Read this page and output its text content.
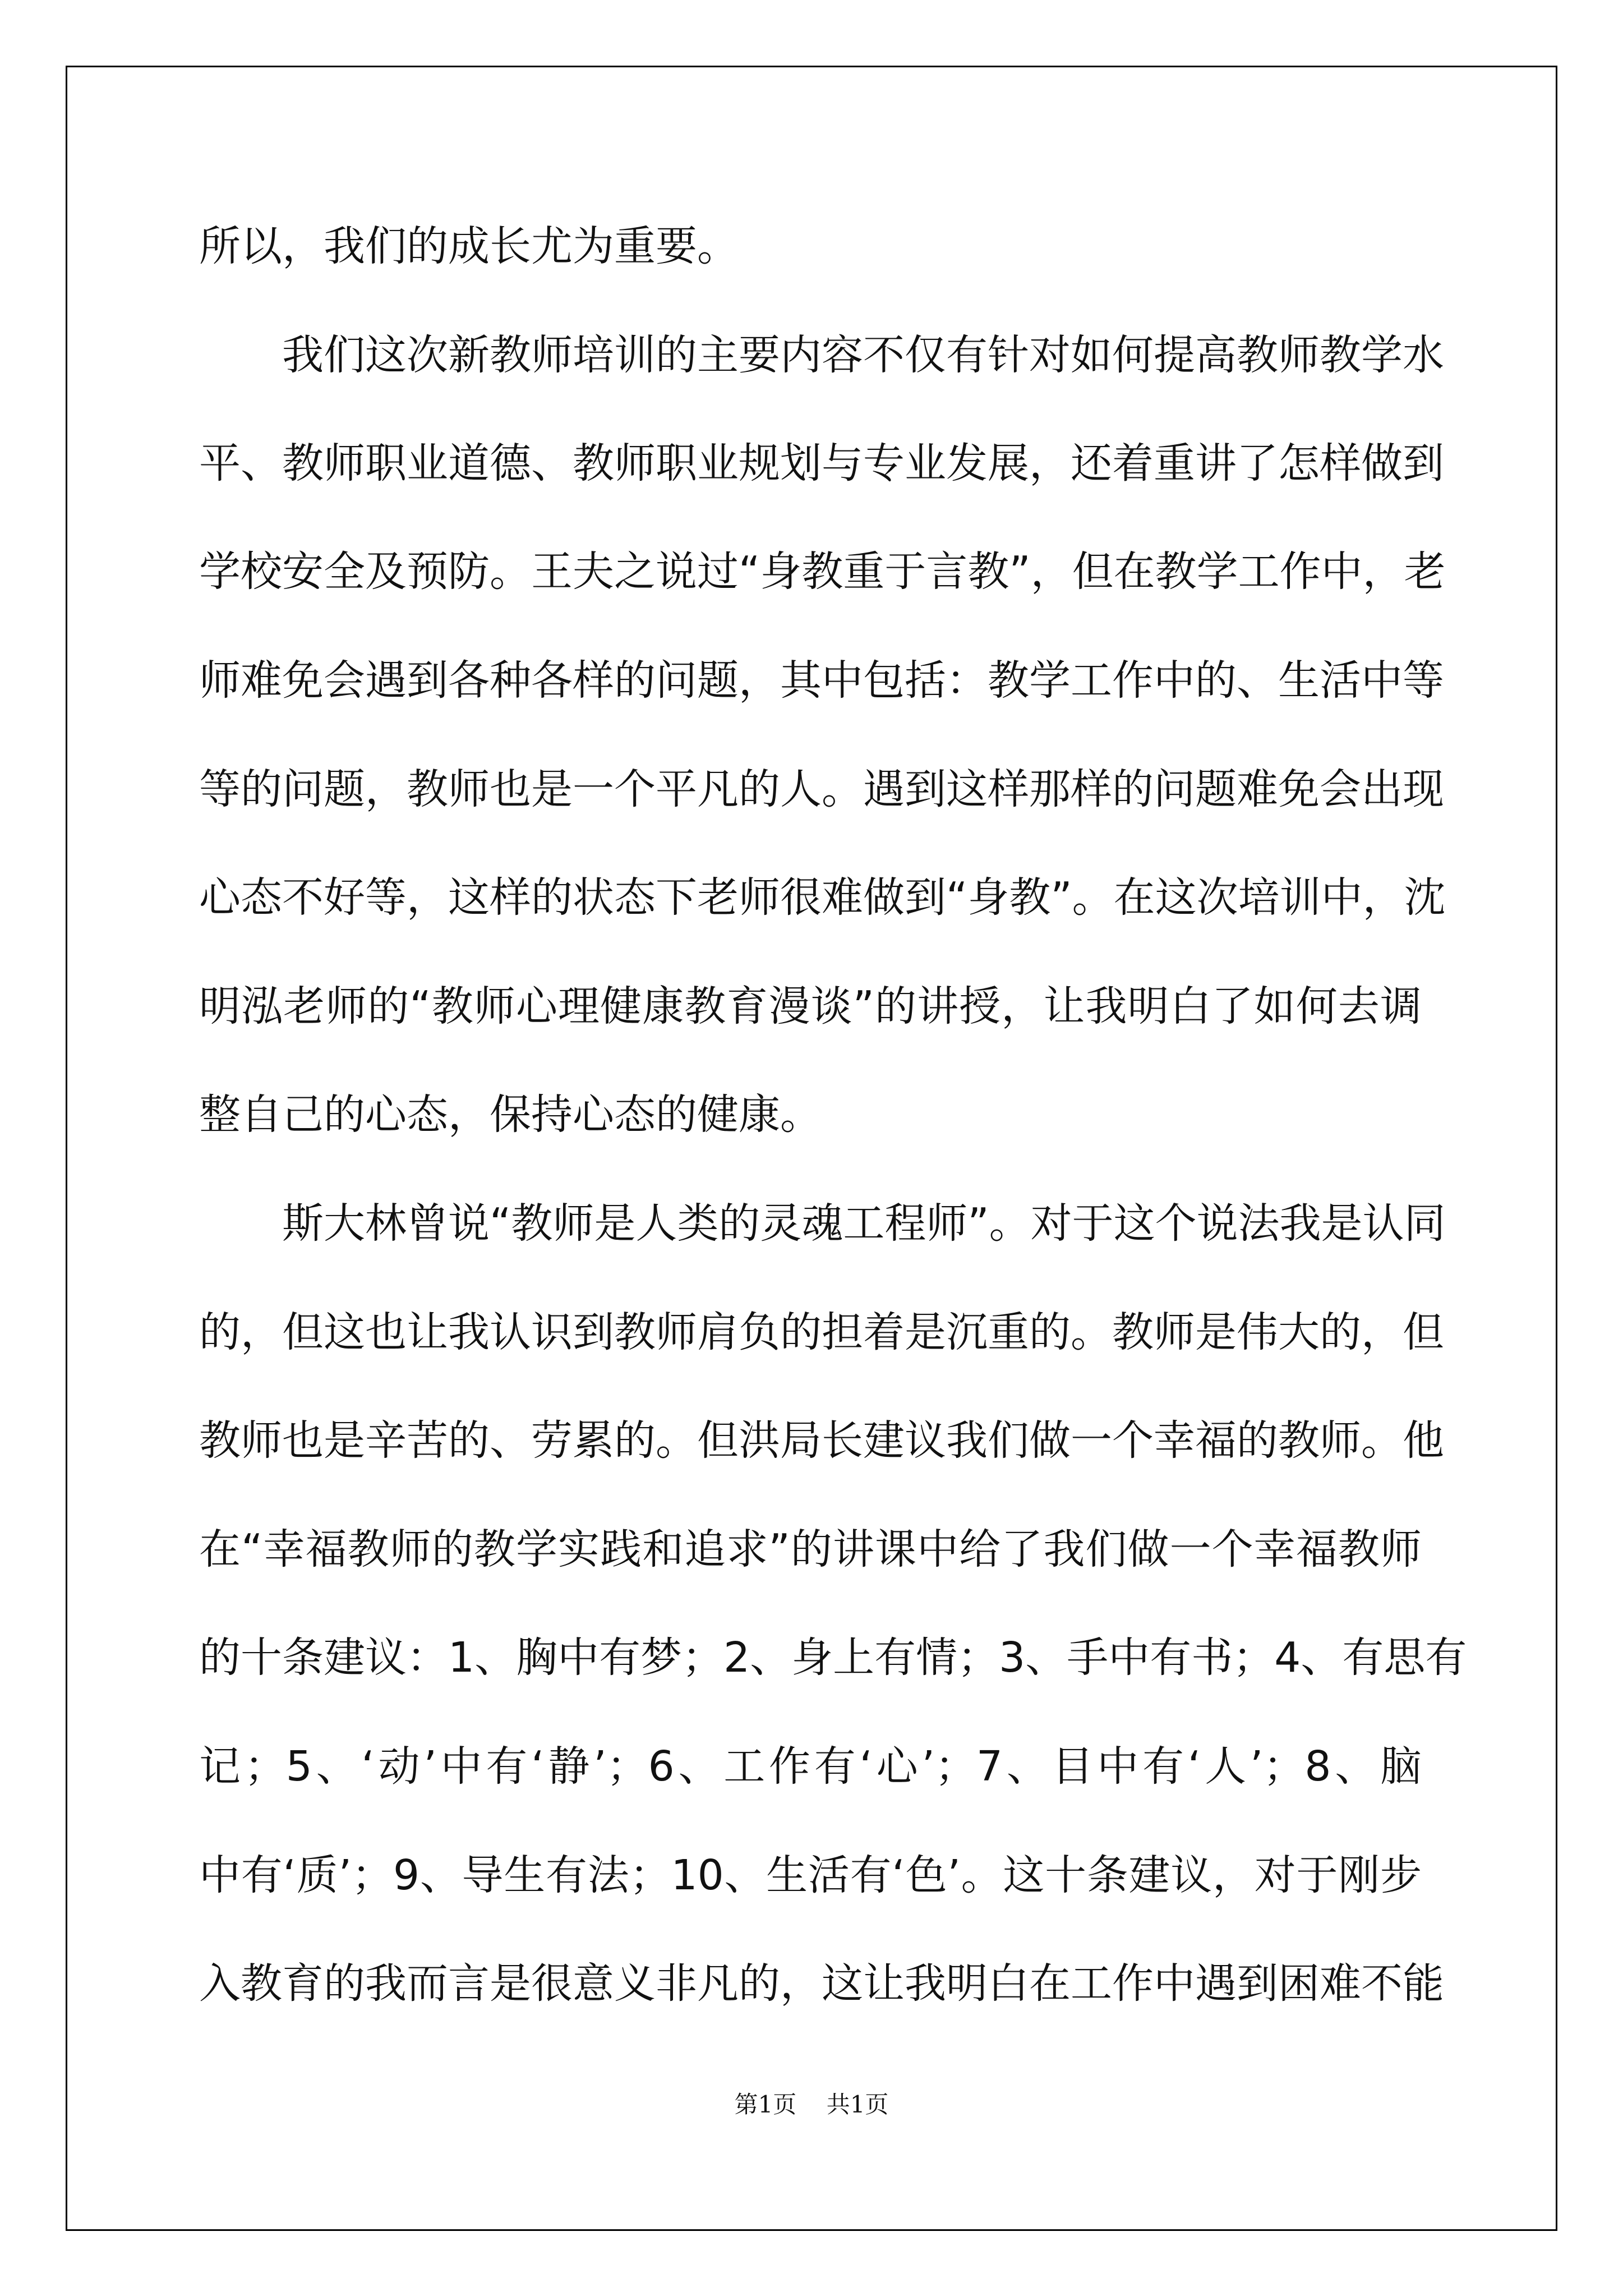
所以，我们的成长尤为重要。
我们这次新教师培训的主要内容不仅有针对如何提高教师教学水
平、教师职业道德、教师职业规划与专业发展，还着重讲了怎样做到
学校安全及预防。王夫之说过“身教重于言教”，但在教学工作中，老
师难免会遇到各种各样的问题，其中包括：教学工作中的、生活中等
等的问题，教师也是一个平凡的人。遇到这样那样的问题难免会出现
心态不好等，这样的状态下老师很难做到“身教”。在这次培训中，沈
明泓老师的“教师心理健康教育漫谈”的讲授，让我明白了如何去调
整自己的心态，保持心态的健康。
斯大林曾说“教师是人类的灵魂工程师”。对于这个说法我是认同
的，但这也让我认识到教师肩负的担着是沉重的。教师是伟大的，但
教师也是辛苦的、劳累的。但洪局长建议我们做一个幸福的教师。他
在“幸福教师的教学实践和追求”的讲课中给了我们做一个幸福教师
的十条建议：1、胸中有梦；2、身上有情；3、手中有书；4、有思有
记；5、‘动’中有‘静’；6、工作有‘心’；7、目中有‘人’；8、脑
中有‘质’；9、导生有法；10、生活有‘色’。这十条建议，对于刚步
入教育的我而言是很意义非凡的，这让我明白在工作中遇到困难不能
第1页 共1页
